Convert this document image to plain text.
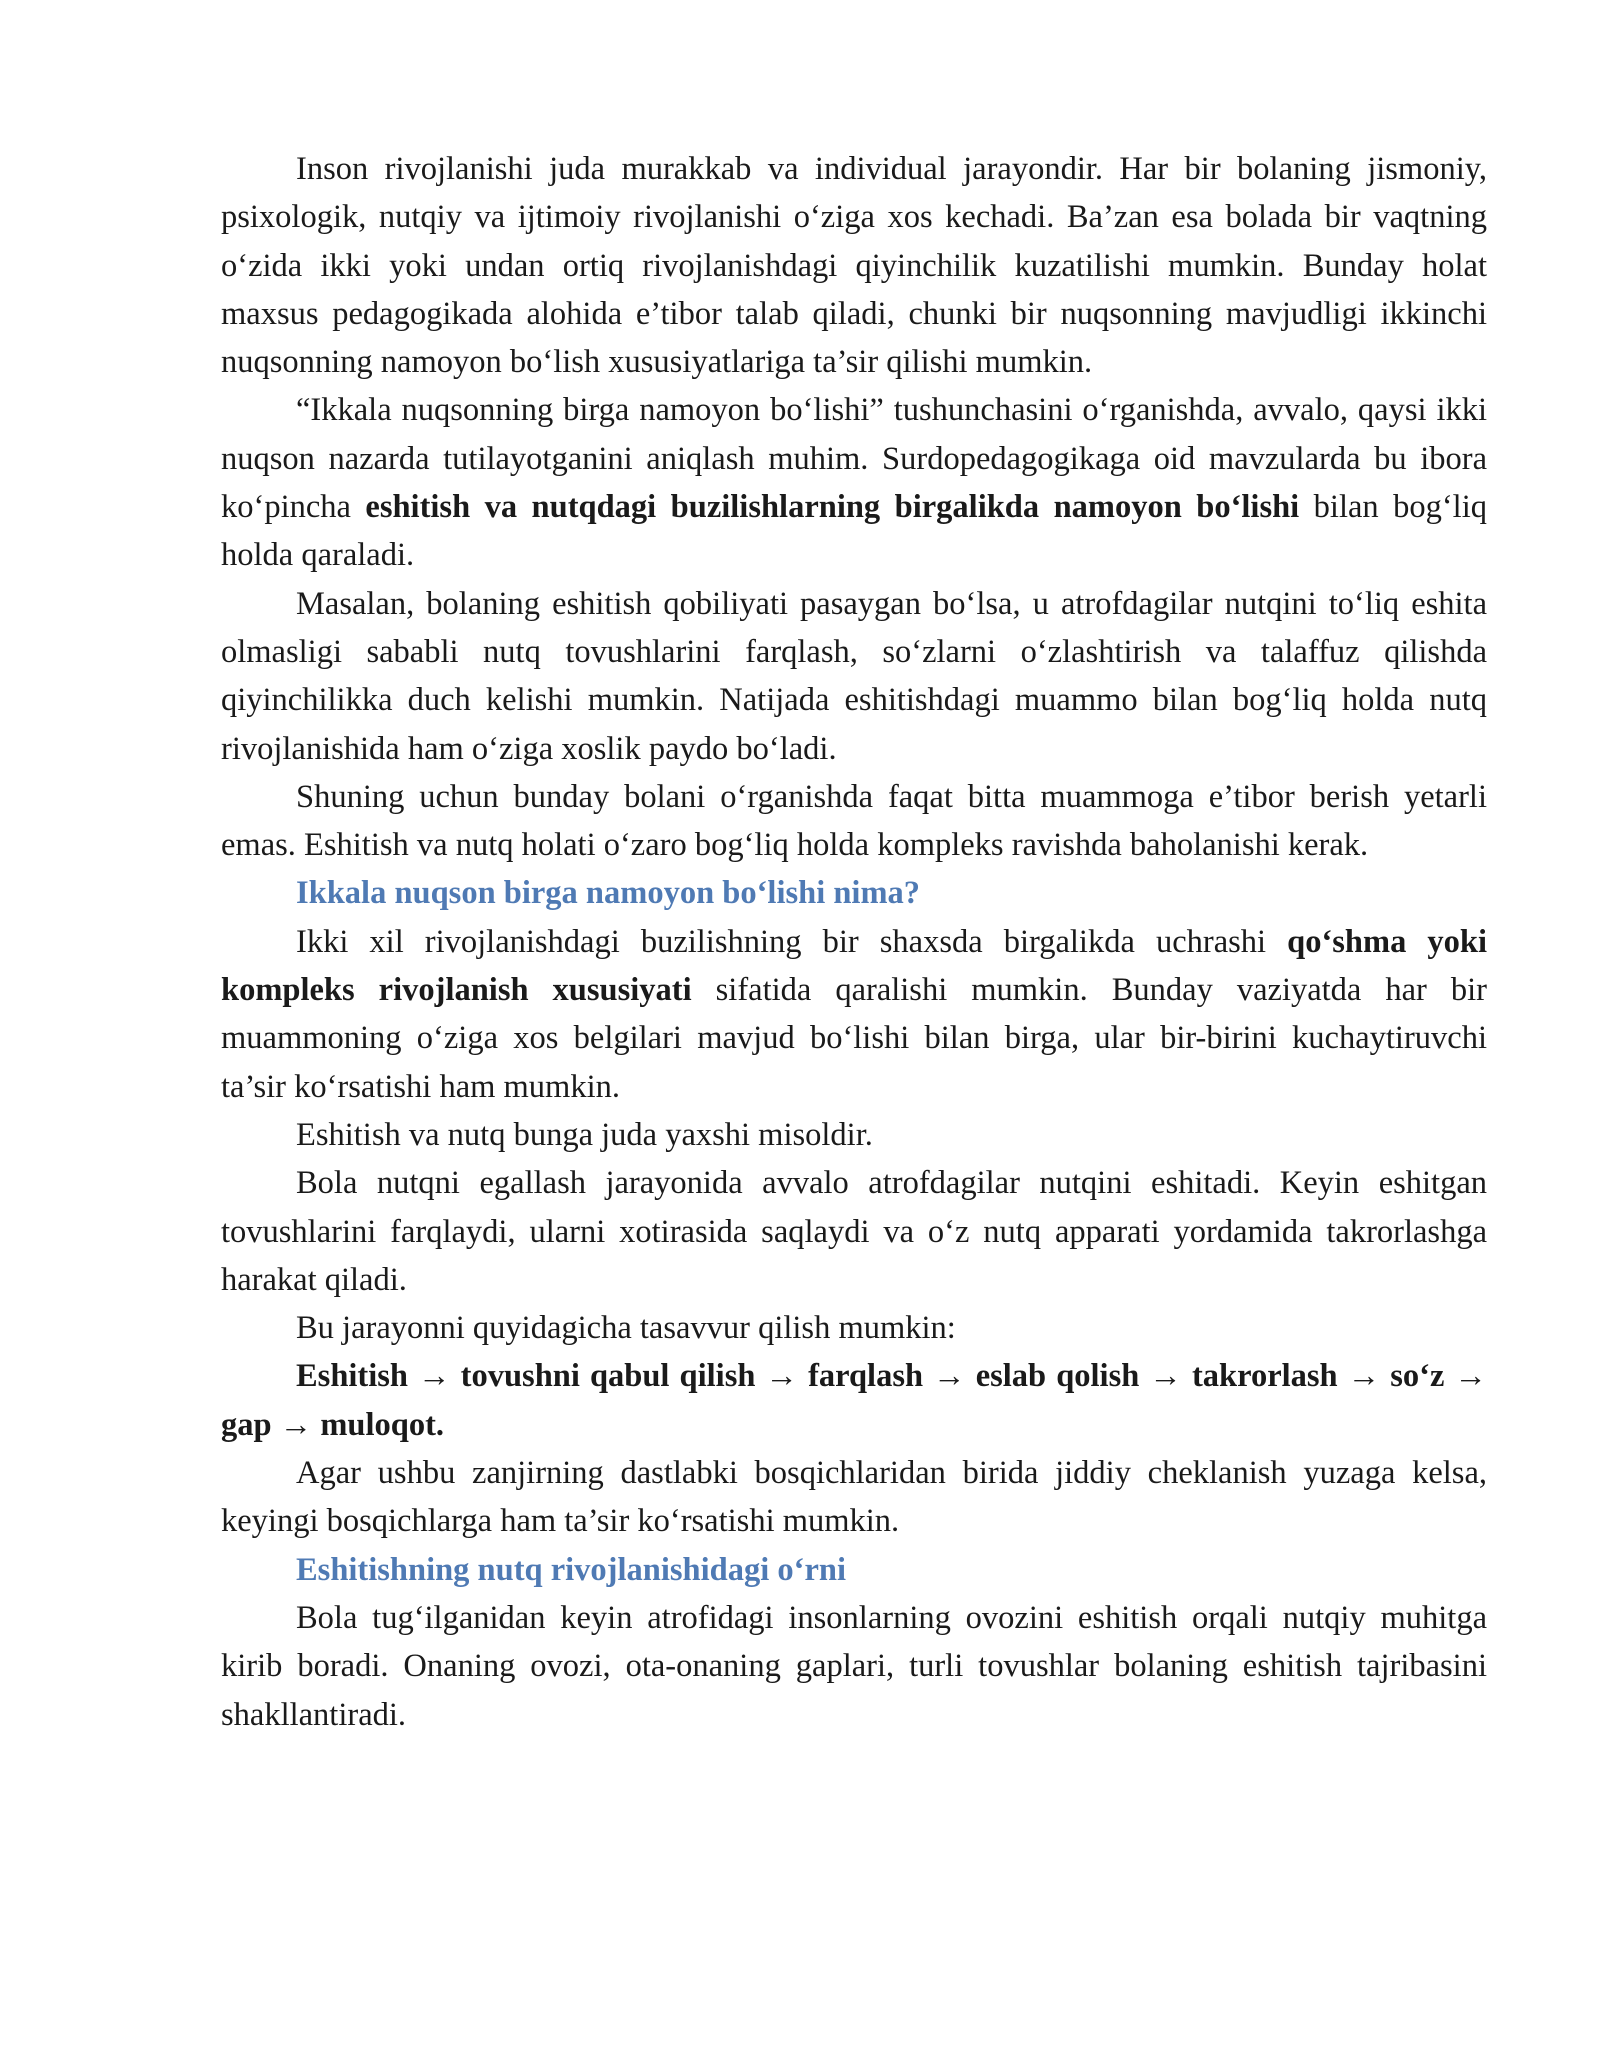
Inson rivojlanishi juda murakkab va individual jarayondir. Har bir bolaning jismoniy, psixologik, nutqiy va ijtimoiy rivojlanishi o‘ziga xos kechadi. Ba’zan esa bolada bir vaqtning o‘zida ikki yoki undan ortiq rivojlanishdagi qiyinchilik kuzatilishi mumkin. Bunday holat maxsus pedagogikada alohida e’tibor talab qiladi, chunki bir nuqsonning mavjudligi ikkinchi nuqsonning namoyon bo‘lish xususiyatlariga ta’sir qilishi mumkin.

“Ikkala nuqsonning birga namoyon bo‘lishi” tushunchasini o‘rganishda, avvalo, qaysi ikki nuqson nazarda tutilayotganini aniqlash muhim. Surdopedagogikaga oid mavzularda bu ibora ko‘pincha eshitish va nutqdagi buzilishlarning birgalikda namoyon bo‘lishi bilan bog‘liq holda qaraladi.

Masalan, bolaning eshitish qobiliyati pasaygan bo‘lsa, u atrofdagilar nutqini to‘liq eshita olmasligi sababli nutq tovushlarini farqlash, so‘zlarni o‘zlashtirish va talaffuz qilishda qiyinchilikka duch kelishi mumkin. Natijada eshitishdagi muammo bilan bog‘liq holda nutq rivojlanishida ham o‘ziga xoslik paydo bo‘ladi.

Shuning uchun bunday bolani o‘rganishda faqat bitta muammoga e’tibor berish yetarli emas. Eshitish va nutq holati o‘zaro bog‘liq holda kompleks ravishda baholanishi kerak.

Ikkala nuqson birga namoyon bo‘lishi nima?

Ikki xil rivojlanishdagi buzilishning bir shaxsda birgalikda uchrashi qo‘shma yoki kompleks rivojlanish xususiyati sifatida qaralishi mumkin. Bunday vaziyatda har bir muammoning o‘ziga xos belgilari mavjud bo‘lishi bilan birga, ular bir-birini kuchaytiruvchi ta’sir ko‘rsatishi ham mumkin.

Eshitish va nutq bunga juda yaxshi misoldir.

Bola nutqni egallash jarayonida avvalo atrofdagilar nutqini eshitadi. Keyin eshitgan tovushlarini farqlaydi, ularni xotirasida saqlaydi va o‘z nutq apparati yordamida takrorlashga harakat qiladi.

Bu jarayonni quyidagicha tasavvur qilish mumkin:

Eshitish → tovushni qabul qilish → farqlash → eslab qolish → takrorlash → so‘z → gap → muloqot.

Agar ushbu zanjirning dastlabki bosqichlaridan birida jiddiy cheklanish yuzaga kelsa, keyingi bosqichlarga ham ta’sir ko‘rsatishi mumkin.

Eshitishning nutq rivojlanishidagi o‘rni

Bola tug‘ilganidan keyin atrofidagi insonlarning ovozini eshitish orqali nutqiy muhitga kirib boradi. Onaning ovozi, ota-onaning gaplari, turli tovushlar bolaning eshitish tajribasini shakllantiradi.
